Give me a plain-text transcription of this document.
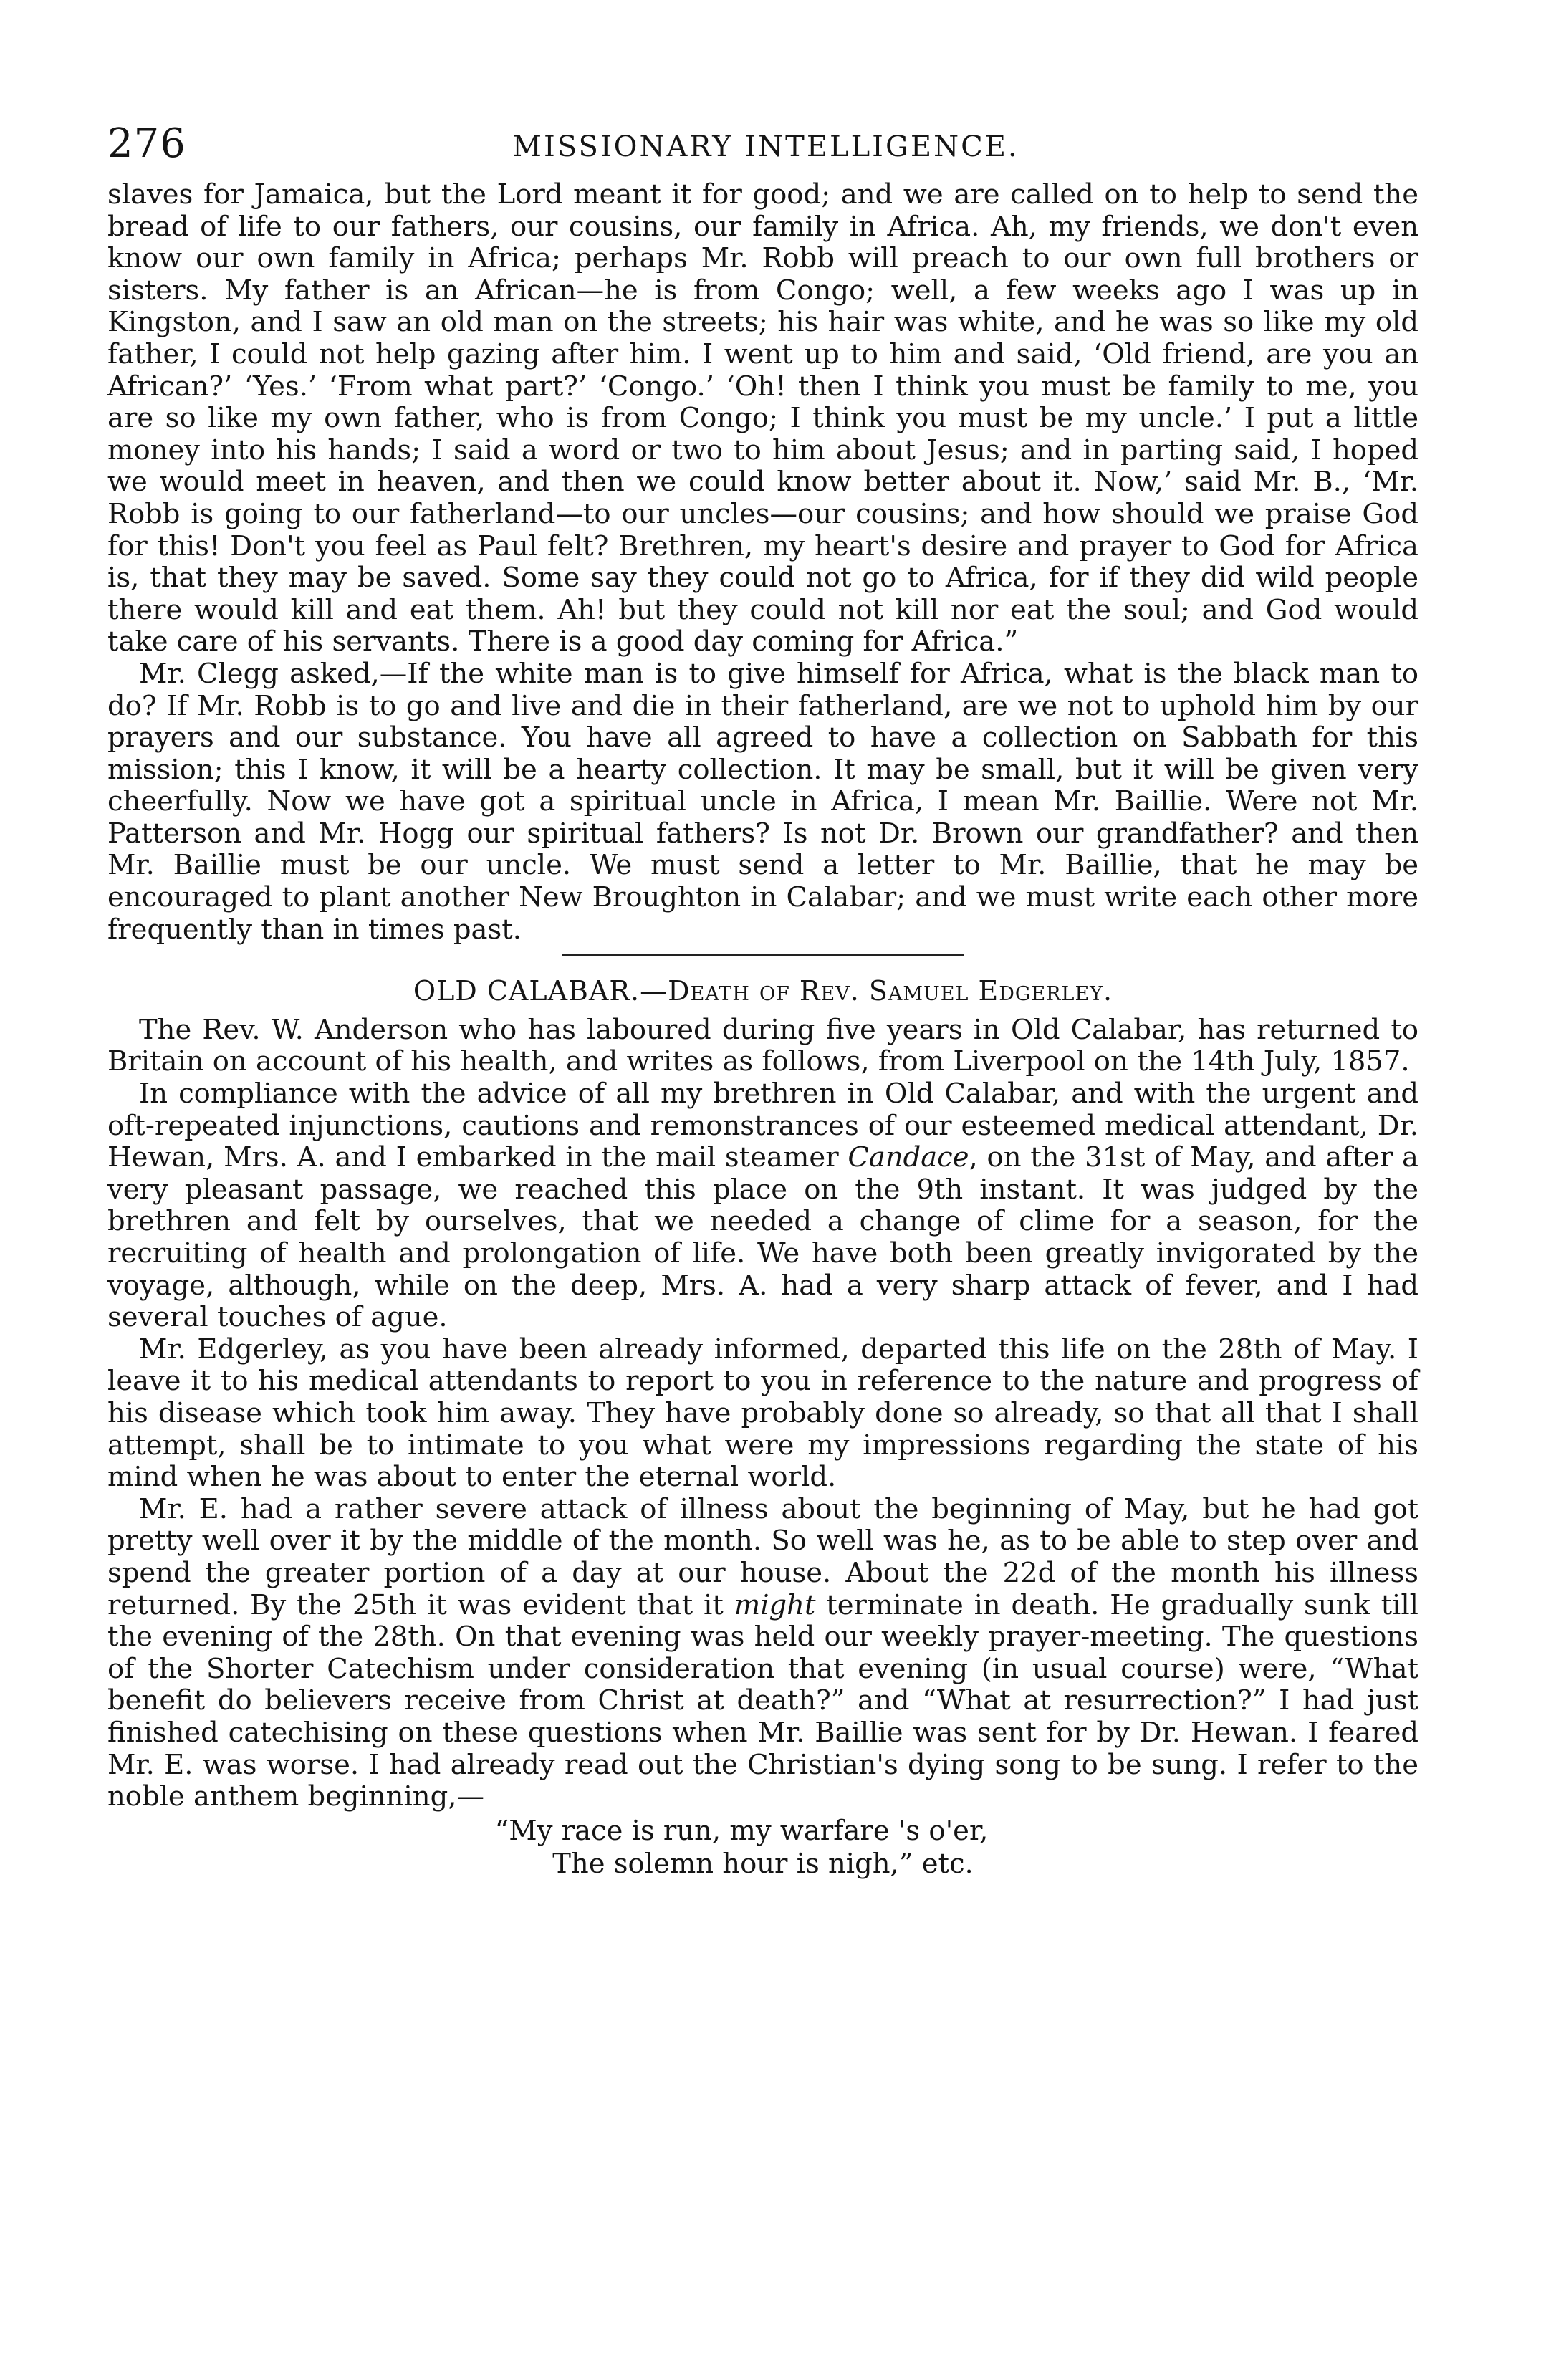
276	MISSIONARY INTELLIGENCE.

slaves for Jamaica, but the Lord meant it for good; and we are called on to help to send the bread of life to our fathers, our cousins, our family in Africa. Ah, my friends, we don't even know our own family in Africa; perhaps Mr. Robb will preach to our own full brothers or sisters. My father is an African—he is from Congo; well, a few weeks ago I was up in Kingston, and I saw an old man on the streets; his hair was white, and he was so like my old father, I could not help gazing after him. I went up to him and said, ‘Old friend, are you an African?’ ‘Yes.’ ‘From what part?’ ‘Congo.’ ‘Oh! then I think you must be family to me, you are so like my own father, who is from Congo; I think you must be my uncle.’ I put a little money into his hands; I said a word or two to him about Jesus; and in parting said, I hoped we would meet in heaven, and then we could know better about it. Now,’ said Mr. B., ‘Mr. Robb is going to our fatherland—to our uncles—our cousins; and how should we praise God for this! Don't you feel as Paul felt? Brethren, my heart's desire and prayer to God for Africa is, that they may be saved. Some say they could not go to Africa, for if they did wild people there would kill and eat them. Ah! but they could not kill nor eat the soul; and God would take care of his servants. There is a good day coming for Africa.”

Mr. Clegg asked,—If the white man is to give himself for Africa, what is the black man to do? If Mr. Robb is to go and live and die in their fatherland, are we not to uphold him by our prayers and our substance. You have all agreed to have a collection on Sabbath for this mission; this I know, it will be a hearty collection. It may be small, but it will be given very cheerfully. Now we have got a spiritual uncle in Africa, I mean Mr. Baillie. Were not Mr. Patterson and Mr. Hogg our spiritual fathers? Is not Dr. Brown our grandfather? and then Mr. Baillie must be our uncle. We must send a letter to Mr. Baillie, that he may be encouraged to plant another New Broughton in Calabar; and we must write each other more frequently than in times past.

OLD CALABAR.—Death of Rev. Samuel Edgerley.

The Rev. W. Anderson who has laboured during five years in Old Calabar, has returned to Britain on account of his health, and writes as follows, from Liverpool on the 14th July, 1857.

In compliance with the advice of all my brethren in Old Calabar, and with the urgent and oft-repeated injunctions, cautions and remonstrances of our esteemed medical attendant, Dr. Hewan, Mrs. A. and I embarked in the mail steamer Candace, on the 31st of May, and after a very pleasant passage, we reached this place on the 9th instant. It was judged by the brethren and felt by ourselves, that we needed a change of clime for a season, for the recruiting of health and prolongation of life. We have both been greatly invigorated by the voyage, although, while on the deep, Mrs. A. had a very sharp attack of fever, and I had several touches of ague.

Mr. Edgerley, as you have been already informed, departed this life on the 28th of May. I leave it to his medical attendants to report to you in reference to the nature and progress of his disease which took him away. They have probably done so already, so that all that I shall attempt, shall be to intimate to you what were my impressions regarding the state of his mind when he was about to enter the eternal world.

Mr. E. had a rather severe attack of illness about the beginning of May, but he had got pretty well over it by the middle of the month. So well was he, as to be able to step over and spend the greater portion of a day at our house. About the 22d of the month his illness returned. By the 25th it was evident that it might terminate in death. He gradually sunk till the evening of the 28th. On that evening was held our weekly prayer-meeting. The questions of the Shorter Catechism under consideration that evening (in usual course) were, “What benefit do believers receive from Christ at death?” and “What at resurrection?” I had just finished catechising on these questions when Mr. Baillie was sent for by Dr. Hewan. I feared Mr. E. was worse. I had already read out the Christian's dying song to be sung. I refer to the noble anthem beginning,—

“My race is run, my warfare 's o'er,
The solemn hour is nigh,” etc.
